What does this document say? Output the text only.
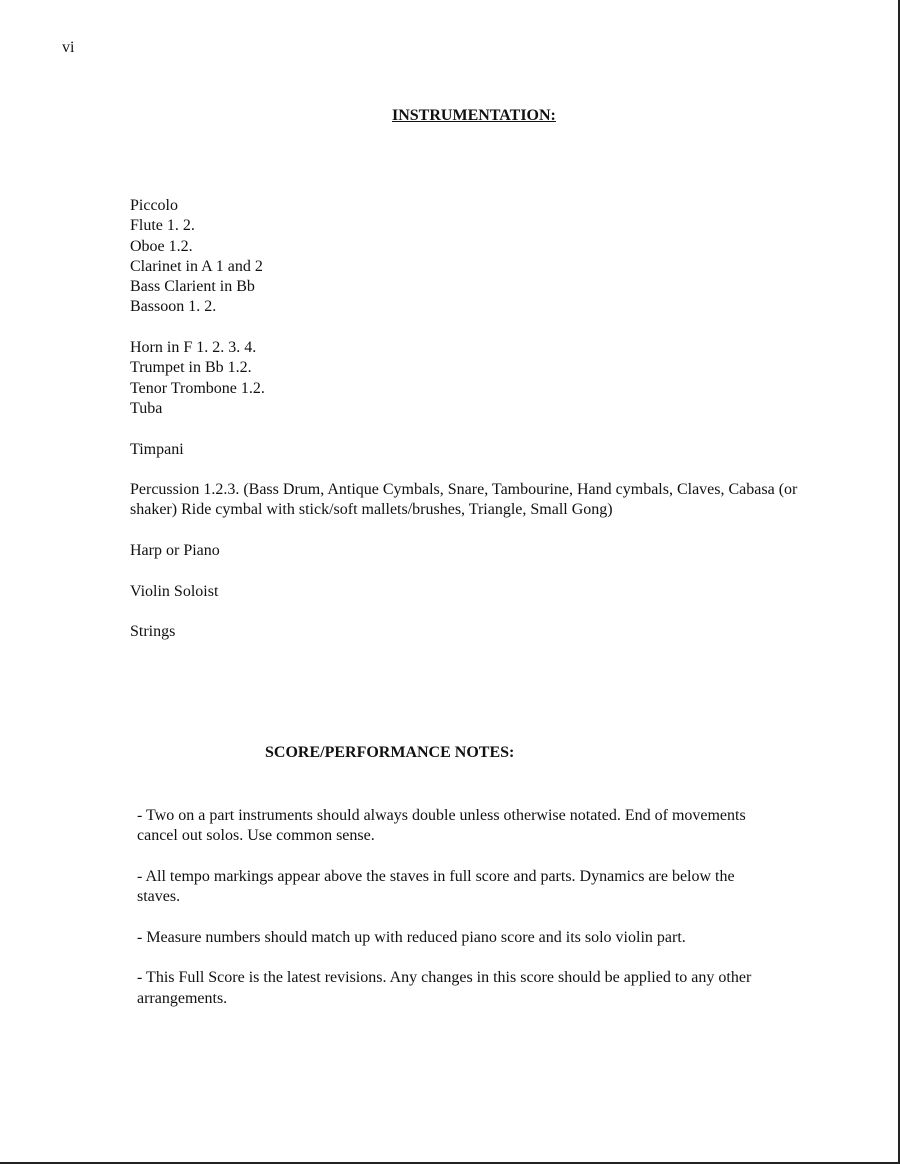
vi
INSTRUMENTATION:
Piccolo
Flute 1. 2.
Oboe 1.2.
Clarinet in A 1 and 2
Bass Clarient in Bb
Bassoon 1. 2.
Horn in F 1. 2. 3. 4.
Trumpet in Bb 1.2.
Tenor Trombone 1.2.
Tuba
Timpani
Percussion 1.2.3. (Bass Drum, Antique Cymbals, Snare, Tambourine, Hand cymbals, Claves, Cabasa (or shaker) Ride cymbal with stick/soft mallets/brushes, Triangle, Small Gong)
Harp or Piano
Violin Soloist
Strings
SCORE/PERFORMANCE NOTES:
- Two on a part instruments should always double unless otherwise notated. End of movements cancel out solos. Use common sense.
- All tempo markings appear above the staves in full score and parts. Dynamics are below the staves.
- Measure numbers should match up with reduced piano score and its solo violin part.
- This Full Score is the latest revisions. Any changes in this score should be applied to any other arrangements.
